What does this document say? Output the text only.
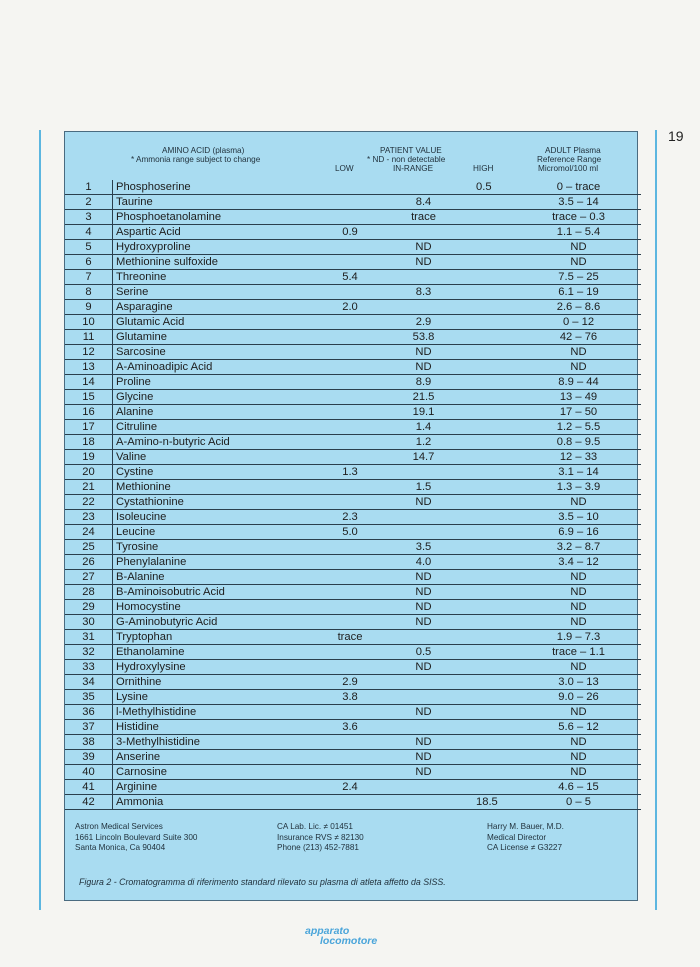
19
AMINO ACID (plasma)
* Ammonia range subject to change
PATIENT VALUE
* ND - non detectable
LOW	IN-RANGE	HIGH
ADULT Plasma
Reference Range
Micromol/100 ml
1	Phosphoserine			0.5	0 – trace
2	Taurine		8.4		3.5 – 14
3	Phosphoetanolamine		trace		trace – 0.3
4	Aspartic Acid	0.9			1.1 – 5.4
5	Hydroxyproline		ND		ND
6	Methionine sulfoxide		ND		ND
7	Threonine	5.4			7.5 – 25
8	Serine		8.3		6.1 – 19
9	Asparagine	2.0			2.6 – 8.6
10	Glutamic Acid		2.9		0 – 12
11	Glutamine		53.8		42 – 76
12	Sarcosine		ND		ND
13	A-Aminoadipic Acid		ND		ND
14	Proline		8.9		8.9 – 44
15	Glycine		21.5		13 – 49
16	Alanine		19.1		17 – 50
17	Citruline		1.4		1.2 – 5.5
18	A-Amino-n-butyric Acid		1.2		0.8 – 9.5
19	Valine		14.7		12 – 33
20	Cystine	1.3			3.1 – 14
21	Methionine		1.5		1.3 – 3.9
22	Cystathionine		ND		ND
23	Isoleucine	2.3			3.5 – 10
24	Leucine	5.0			6.9 – 16
25	Tyrosine		3.5		3.2 – 8.7
26	Phenylalanine		4.0		3.4 – 12
27	B-Alanine		ND		ND
28	B-Aminoisobutric Acid		ND		ND
29	Homocystine		ND		ND
30	G-Aminobutyric Acid		ND		ND
31	Tryptophan	trace			1.9 – 7.3
32	Ethanolamine		0.5		trace – 1.1
33	Hydroxylysine		ND		ND
34	Ornithine	2.9			3.0 – 13
35	Lysine	3.8			9.0 – 26
36	l-Methylhistidine		ND		ND
37	Histidine	3.6			5.6 – 12
38	3-Methylhistidine		ND		ND
39	Anserine		ND		ND
40	Carnosine		ND		ND
41	Arginine	2.4			4.6 – 15
42	Ammonia			18.5	0 – 5
Astron Medical Services
1661 Lincoln Boulevard Suite 300
Santa Monica, Ca 90404
CA Lab. Lic. ≠ 01451
Insurance RVS ≠ 82130
Phone (213) 452-7881
Harry M. Bauer, M.D.
Medical Director
CA License ≠ G3227
Figura 2 - Cromatogramma di riferimento standard rilevato su plasma di atleta affetto da SISS.
apparato
locomotore
